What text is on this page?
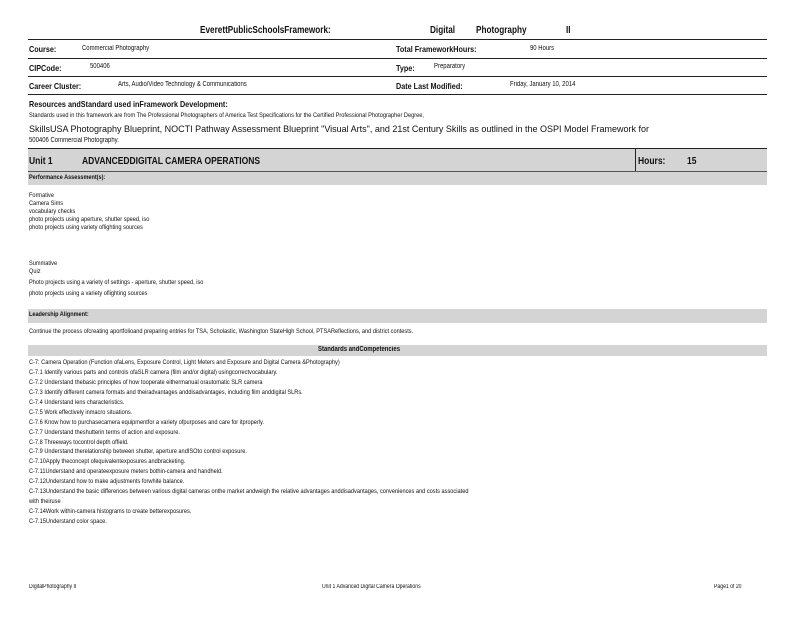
EverettPublicSchoolsFramework:	Digital Photography	II
Course:	Commercial Photography	Total FrameworkHours:	90 Hours
CIPCode:	500406	Type:	Preparatory
Career Cluster:	Arts, Audio/Video Technology & Communications	Date Last Modified:	Friday, January 10, 2014
Resources andStandard used inFramework Development:
Standards used in this framework are from The Professional Photographers of America Test Specifications for the Certified Professional Photographer Degree,
SkillsUSA Photography Blueprint, NOCTI Pathway Assessment Blueprint "Visual Arts", and 21st Century Skills as outlined in the OSPI Model Framework for
500406 Commercial Photography.
Unit 1	ADVANCEDDIGITAL CAMERA OPERATIONS	Hours: 15
Performance Assessment(s):
Formative
Camera Sims
vocabulary checks
photo projects using aperture, shutter speed, iso
photo projects using variety oflighting sources
Summative
Quiz
Photo projects using a variety of settings - aperture, shutter speed, iso
photo projects using a variety oflighting sources
Leadership Alignment:
Continue the process ofcreating aportfolioand preparing entries for TSA, Scholastic, Washington StateHigh School, PTSAReflections, and district contests.
Standards andCompetencies
C-7: Camera Operation (Function ofaLens, Exposure Control, Light Meters and Exposure and Digital Camera &Photography)
C-7.1 Identify various parts and controls ofaSLR camera (film and/or digital) usingcorrectvocabulary.
C-7.2 Understand thebasic principles of how tooperate eithermanual orautomatic SLR camera
C-7.3 Identify different camera formats and theiradvantages anddisadvantages, including film anddigital SLRs.
C-7.4 Understand lens characteristics.
C-7.5 Work effectively inmacro situations.
C-7.6 Know how to purchasecamera equipmentfor a variety ofpurposes and care for itproperly.
C-7.7 Understand theshutterin terms of action and exposure.
C-7.8 Threeways tocontrol depth offield.
C-7.9 Understand therelationship between shutter, aperture andISOto control exposure.
C-7.10Apply theconcept ofequivalentexposures andbracketing.
C-7.11Understand and operateexposure meters bothin-camera and handheld.
C-7.12Understand how to make adjustments forwhite balance.
C-7.13Understand the basic differences between various digital cameras onthe market andweigh the relative advantages anddisadvantages, conveniences and costs associated
with theiruse
C-7.14Work within-camera histograms to create betterexposures.
C-7.15Understand color space.
DigitalPhotography II	Unit 1 Advanced Digital Camera Operations	Page1 of 20
